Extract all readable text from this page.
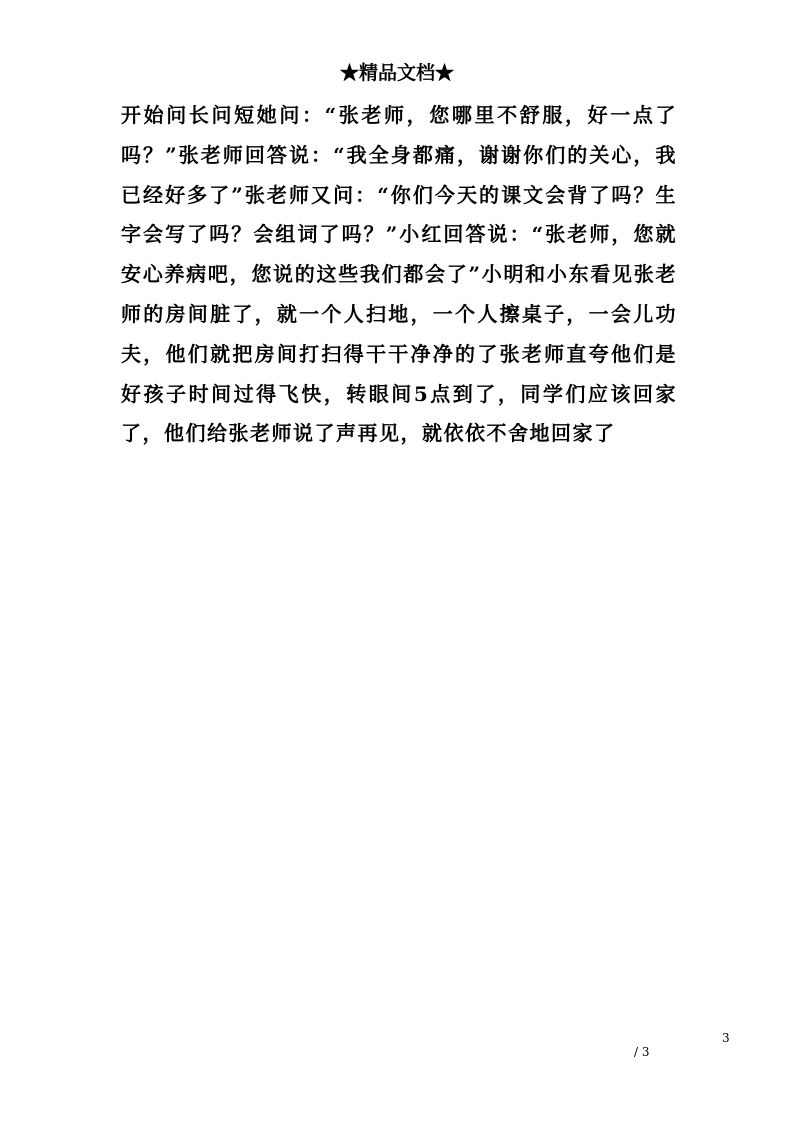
★精品文档★
开始问长问短她问：“张老师，您哪里不舒服，好一点了吗？”张老师回答说：“我全身都痛，谢谢你们的关心，我已经好多了”张老师又问：“你们今天的课文会背了吗？生字会写了吗？会组词了吗？”小红回答说：“张老师，您就安心养病吧，您说的这些我们都会了”小明和小东看见张老师的房间脏了，就一个人扫地，一个人擦桌子，一会儿功夫，他们就把房间打扫得干干净净的了张老师直夸他们是好孩子时间过得飞快，转眼间5点到了，同学们应该回家了，他们给张老师说了声再见，就依依不舍地回家了
3
/ 3
